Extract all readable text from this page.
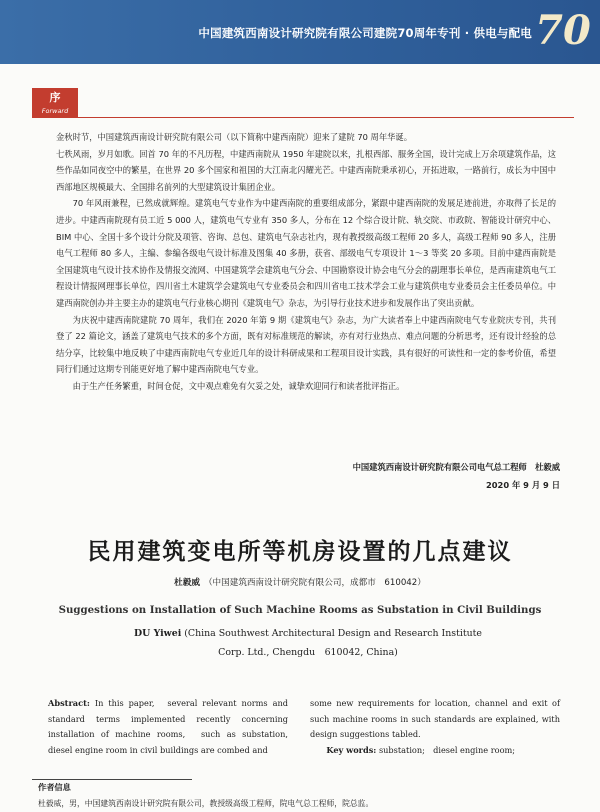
中国建筑西南设计研究院有限公司建院70周年专刊 · 供电与配电 70
序
Forward

金秋时节，中国建筑西南设计研究院有限公司（以下简称中建西南院）迎来了建院 70 周年华诞。

七秩风雨，岁月如歌。回首 70 年的不凡历程，中建西南院从 1950 年建院以来，扎根西部、服务全国，设计完成上万余项建筑作品，这些作品如同夜空中的繁星，在世界 20 多个国家和祖国的大江南北闪耀光芒。中建西南院秉承初心，开拓进取，一路前行，成长为中国中西部地区规模最大、全国排名前列的大型建筑设计集团企业。

70 年风雨兼程，已然成就辉煌。建筑电气专业作为中建西南院的重要组成部分，紧跟中建西南院的发展足迹前进，亦取得了长足的进步。中建西南院现有员工近 5 000 人，建筑电气专业有 350 多人，分布在 12 个综合设计院、轨交院、市政院、智能设计研究中心、BIM 中心、全国十多个设计分院及项管、咨询、总包、建筑电气杂志社内，现有教授级高级工程师 20 多人，高级工程师 90 多人，注册电气工程师 80 多人，主编、参编各级电气设计标准及图集 40 多册，获省、部级电气专项设计 1～3 等奖 20 多项。目前中建西南院是全国建筑电气设计技术协作及情报交流网、中国建筑学会建筑电气分会、中国勘察设计协会电气分会的副理事长单位，是西南建筑电气工程设计情报网理事长单位，四川省土木建筑学会建筑电气专业委员会和四川省电工技术学会工业与建筑供电专业委员会主任委员单位。中建西南院创办并主要主办的建筑电气行业核心期刊《建筑电气》杂志，为引导行业技术进步和发展作出了突出贡献。

为庆祝中建西南院建院 70 周年，我们在 2020 年第 9 期《建筑电气》杂志，为广大读者奉上中建西南院电气专业院庆专刊，共刊登了 22 篇论文，涵盖了建筑电气技术的多个方面，既有对标准规范的解读，亦有对行业热点、难点问题的分析思考，还有设计经验的总结分享，比较集中地反映了中建西南院电气专业近几年的设计科研成果和工程项目设计实践，具有很好的可读性和一定的参考价值，希望同行们通过这期专刊能更好地了解中建西南院电气专业。

由于生产任务繁重，时间仓促，文中观点难免有欠妥之处，诚挚欢迎同行和读者批评指正。

中国建筑西南设计研究院有限公司电气总工程师　杜毅威
2020 年 9 月 9 日
民用建筑变电所等机房设置的几点建议
杜毅威 （中国建筑西南设计研究院有限公司，成都市　610042）
Suggestions on Installation of Such Machine Rooms as Substation in Civil Buildings
DU Yiwei (China Southwest Architectural Design and Research Institute
Corp. Ltd., Chengdu　610042, China)
Abstract: In this paper,　several relevant norms and standard terms implemented recently concerning installation of machine rooms,　such as substation, diesel engine room in civil buildings are combed and

some new requirements for location, channel and exit of such machine rooms in such standards are explained, with design suggestions tabled.

Key words: substation;　diesel engine room;

作者信息
杜毅威，男，中国建筑西南设计研究院有限公司，教授级高级工程师，院电气总工程师，院总监。
